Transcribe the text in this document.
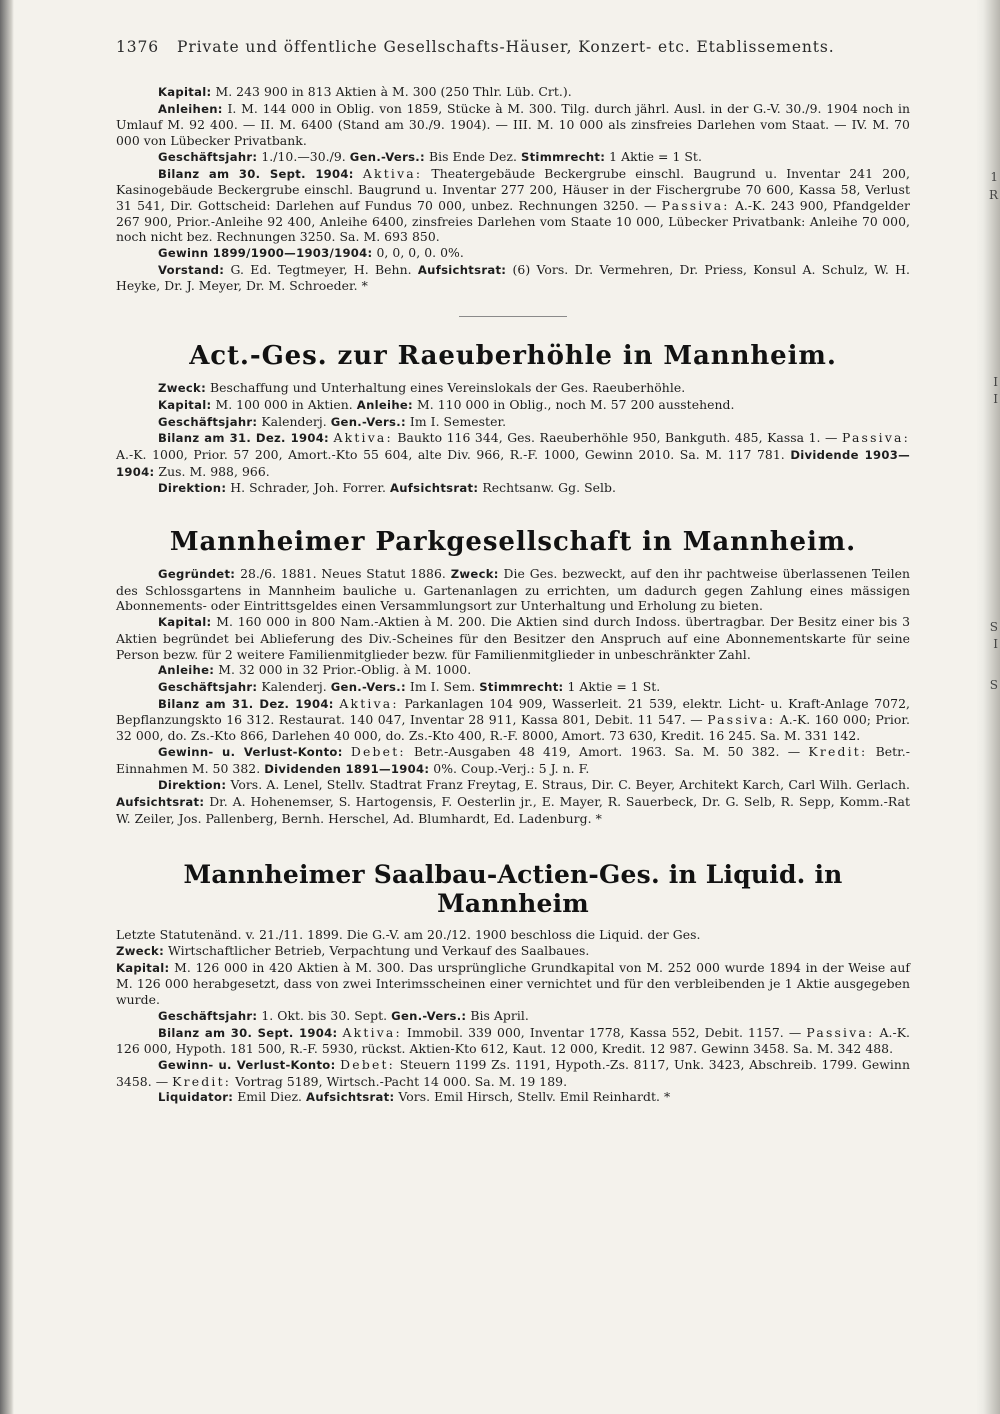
1
R
I
I
S
I
S
1376 Private und öffentliche Gesellschafts-Häuser, Konzert- etc. Etablissements.

Kapital: M. 243 900 in 813 Aktien à M. 300 (250 Thlr. Lüb. Crt.).

Anleihen: I. M. 144 000 in Oblig. von 1859, Stücke à M. 300. Tilg. durch jährl. Ausl. in der G.-V. 30./9. 1904 noch in Umlauf M. 92 400. — II. M. 6400 (Stand am 30./9. 1904). — III. M. 10 000 als zinsfreies Darlehen vom Staat. — IV. M. 70 000 von Lübecker Privatbank.

Geschäftsjahr: 1./10.—30./9. Gen.-Vers.: Bis Ende Dez. Stimmrecht: 1 Aktie = 1 St.

Bilanz am 30. Sept. 1904: Aktiva: Theatergebäude Beckergrube einschl. Baugrund u. Inventar 241 200, Kasinogebäude Beckergrube einschl. Baugrund u. Inventar 277 200, Häuser in der Fischergrube 70 600, Kassa 58, Verlust 31 541, Dir. Gottscheid: Darlehen auf Fundus 70 000, unbez. Rechnungen 3250. — Passiva: A.-K. 243 900, Pfandgelder 267 900, Prior.-Anleihe 92 400, Anleihe 6400, zinsfreies Darlehen vom Staate 10 000, Lübecker Privatbank: Anleihe 70 000, noch nicht bez. Rechnungen 3250. Sa. M. 693 850.

Gewinn 1899/1900—1903/1904: 0, 0, 0, 0. 0%.

Vorstand: G. Ed. Tegtmeyer, H. Behn. Aufsichtsrat: (6) Vors. Dr. Vermehren, Dr. Priess, Konsul A. Schulz, W. H. Heyke, Dr. J. Meyer, Dr. M. Schroeder. *

Act.-Ges. zur Raeuberhöhle in Mannheim.

Zweck: Beschaffung und Unterhaltung eines Vereinslokals der Ges. Raeuberhöhle.

Kapital: M. 100 000 in Aktien. Anleihe: M. 110 000 in Oblig., noch M. 57 200 ausstehend.

Geschäftsjahr: Kalenderj. Gen.-Vers.: Im I. Semester.

Bilanz am 31. Dez. 1904: Aktiva: Baukto 116 344, Ges. Raeuberhöhle 950, Bankguth. 485, Kassa 1. — Passiva: A.-K. 1000, Prior. 57 200, Amort.-Kto 55 604, alte Div. 966, R.-F. 1000, Gewinn 2010. Sa. M. 117 781. Dividende 1903—1904: Zus. M. 988, 966.

Direktion: H. Schrader, Joh. Forrer. Aufsichtsrat: Rechtsanw. Gg. Selb.

Mannheimer Parkgesellschaft in Mannheim.

Gegründet: 28./6. 1881. Neues Statut 1886. Zweck: Die Ges. bezweckt, auf den ihr pachtweise überlassenen Teilen des Schlossgartens in Mannheim bauliche u. Gartenanlagen zu errichten, um dadurch gegen Zahlung eines mässigen Abonnements- oder Eintrittsgeldes einen Versammlungsort zur Unterhaltung und Erholung zu bieten.

Kapital: M. 160 000 in 800 Nam.-Aktien à M. 200. Die Aktien sind durch Indoss. übertragbar. Der Besitz einer bis 3 Aktien begründet bei Ablieferung des Div.-Scheines für den Besitzer den Anspruch auf eine Abonnementskarte für seine Person bezw. für 2 weitere Familienmitglieder bezw. für Familienmitglieder in unbeschränkter Zahl.

Anleihe: M. 32 000 in 32 Prior.-Oblig. à M. 1000.

Geschäftsjahr: Kalenderj. Gen.-Vers.: Im I. Sem. Stimmrecht: 1 Aktie = 1 St.

Bilanz am 31. Dez. 1904: Aktiva: Parkanlagen 104 909, Wasserleit. 21 539, elektr. Licht- u. Kraft-Anlage 7072, Bepflanzungskto 16 312. Restaurat. 140 047, Inventar 28 911, Kassa 801, Debit. 11 547. — Passiva: A.-K. 160 000; Prior. 32 000, do. Zs.-Kto 866, Darlehen 40 000, do. Zs.-Kto 400, R.-F. 8000, Amort. 73 630, Kredit. 16 245. Sa. M. 331 142.

Gewinn- u. Verlust-Konto: Debet: Betr.-Ausgaben 48 419, Amort. 1963. Sa. M. 50 382. — Kredit: Betr.-Einnahmen M. 50 382. Dividenden 1891—1904: 0%. Coup.-Verj.: 5 J. n. F.

Direktion: Vors. A. Lenel, Stellv. Stadtrat Franz Freytag, E. Straus, Dir. C. Beyer, Architekt Karch, Carl Wilh. Gerlach. Aufsichtsrat: Dr. A. Hohenemser, S. Hartogensis, F. Oesterlin jr., E. Mayer, R. Sauerbeck, Dr. G. Selb, R. Sepp, Komm.-Rat W. Zeiler, Jos. Pallenberg, Bernh. Herschel, Ad. Blumhardt, Ed. Ladenburg. *

Mannheimer Saalbau-Actien-Ges. in Liquid. in Mannheim

Letzte Statutenänd. v. 21./11. 1899. Die G.-V. am 20./12. 1900 beschloss die Liquid. der Ges.

Zweck: Wirtschaftlicher Betrieb, Verpachtung und Verkauf des Saalbaues.

Kapital: M. 126 000 in 420 Aktien à M. 300. Das ursprüngliche Grundkapital von M. 252 000 wurde 1894 in der Weise auf M. 126 000 herabgesetzt, dass von zwei Interimsscheinen einer vernichtet und für den verbleibenden je 1 Aktie ausgegeben wurde.

Geschäftsjahr: 1. Okt. bis 30. Sept. Gen.-Vers.: Bis April.

Bilanz am 30. Sept. 1904: Aktiva: Immobil. 339 000, Inventar 1778, Kassa 552, Debit. 1157. — Passiva: A.-K. 126 000, Hypoth. 181 500, R.-F. 5930, rückst. Aktien-Kto 612, Kaut. 12 000, Kredit. 12 987. Gewinn 3458. Sa. M. 342 488.

Gewinn- u. Verlust-Konto: Debet: Steuern 1199 Zs. 1191, Hypoth.-Zs. 8117, Unk. 3423, Abschreib. 1799. Gewinn 3458. — Kredit: Vortrag 5189, Wirtsch.-Pacht 14 000. Sa. M. 19 189.

Liquidator: Emil Diez. Aufsichtsrat: Vors. Emil Hirsch, Stellv. Emil Reinhardt. *
